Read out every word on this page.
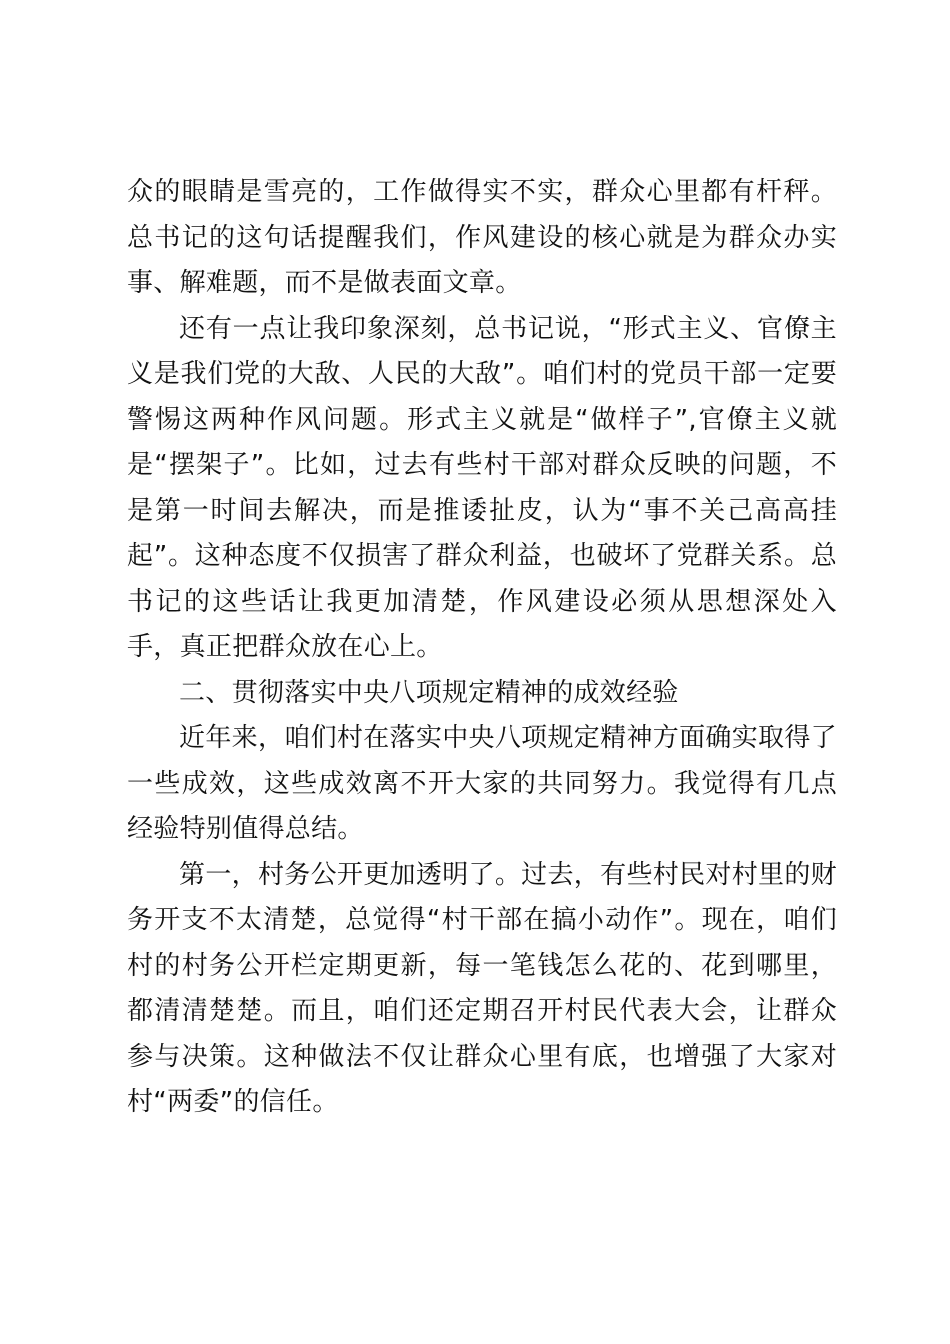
众的眼睛是雪亮的，工作做得实不实，群众心里都有杆秤。总书记的这句话提醒我们，作风建设的核心就是为群众办实事、解难题，而不是做表面文章。

还有一点让我印象深刻，总书记说，“形式主义、官僚主义是我们党的大敌、人民的大敌”。咱们村的党员干部一定要警惕这两种作风问题。形式主义就是“做样子”,官僚主义就是“摆架子”。比如，过去有些村干部对群众反映的问题，不是第一时间去解决，而是推诿扯皮，认为“事不关己高高挂起”。这种态度不仅损害了群众利益，也破坏了党群关系。总书记的这些话让我更加清楚，作风建设必须从思想深处入手，真正把群众放在心上。

二、贯彻落实中央八项规定精神的成效经验

近年来，咱们村在落实中央八项规定精神方面确实取得了一些成效，这些成效离不开大家的共同努力。我觉得有几点经验特别值得总结。

第一，村务公开更加透明了。过去，有些村民对村里的财务开支不太清楚，总觉得“村干部在搞小动作”。现在，咱们村的村务公开栏定期更新，每一笔钱怎么花的、花到哪里，都清清楚楚。而且，咱们还定期召开村民代表大会，让群众参与决策。这种做法不仅让群众心里有底，也增强了大家对村“两委”的信任。
